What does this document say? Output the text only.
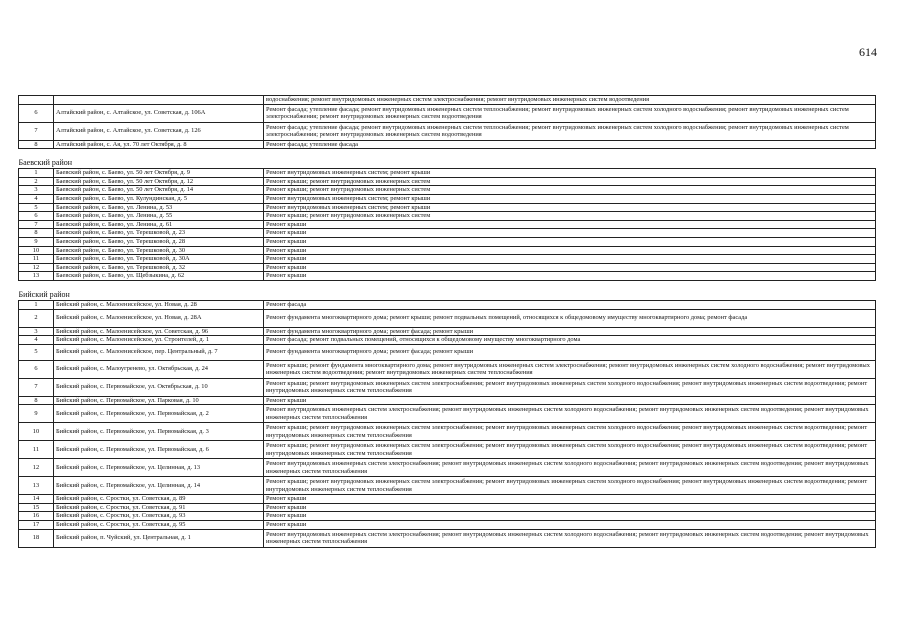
614
		водоснабжения; ремонт внутридомовых инженерных систем электроснабжения; ремонт внутридомовых инженерных систем водоотведения
6	Алтайский район, с. Алтайское, ул. Советская, д. 106А	Ремонт фасада; утепление фасада; ремонт внутридомовых инженерных систем теплоснабжения; ремонт внутридомовых инженерных систем холодного водоснабжения; ремонт внутридомовых инженерных систем электроснабжения; ремонт внутридомовых инженерных систем водоотведения
7	Алтайский район, с. Алтайское, ул. Советская, д. 126	Ремонт фасада; утепление фасада; ремонт внутридомовых инженерных систем теплоснабжения; ремонт внутридомовых инженерных систем холодного водоснабжения; ремонт внутридомовых инженерных систем электроснабжения; ремонт внутридомовых инженерных систем водоотведения
8	Алтайский район, с. Ая, ул. 70 лет Октября, д. 8	Ремонт фасада; утепление фасада
Баевский район		
1	Баевский район, с. Баево, ул. 50 лет Октября, д. 9	Ремонт внутридомовых инженерных систем; ремонт крыши
2	Баевский район, с. Баево, ул. 50 лет Октября, д. 12	Ремонт крыши; ремонт внутридомовых инженерных систем
3	Баевский район, с. Баево, ул. 50 лет Октября, д. 14	Ремонт крыши; ремонт внутридомовых инженерных систем
4	Баевский район, с. Баево, ул. Кулундинская, д. 5	Ремонт внутридомовых инженерных систем; ремонт крыши
5	Баевский район, с. Баево, ул. Ленина, д. 53	Ремонт внутридомовых инженерных систем; ремонт крыши
6	Баевский район, с. Баево, ул. Ленина, д. 55	Ремонт крыши; ремонт внутридомовых инженерных систем
7	Баевский район, с. Баево, ул. Ленина, д. 61	Ремонт крыши
8	Баевский район, с. Баево, ул. Терешковой, д. 23	Ремонт крыши
9	Баевский район, с. Баево, ул. Терешковой, д. 28	Ремонт крыши
10	Баевский район, с. Баево, ул. Терешковой, д. 30	Ремонт крыши
11	Баевский район, с. Баево, ул. Терешковой, д. 30А	Ремонт крыши
12	Баевский район, с. Баево, ул. Терешковой, д. 32	Ремонт крыши
13	Баевский район, с. Баево, ул. Щебзыкина, д. 62	Ремонт крыши
Бийский район		
1	Бийский район, с. Малоенисейское, ул. Новая, д. 28	Ремонт фасада
2	Бийский район, с. Малоенисейское, ул. Новая, д. 28А	Ремонт фундамента многоквартирного дома; ремонт крыши; ремонт подвальных помещений, относящихся к общедомовому имуществу многоквартирного дома; ремонт фасада
3	Бийский район, с. Малоенисейское, ул. Советская, д. 96	Ремонт фундамента многоквартирного дома; ремонт фасада; ремонт крыши
4	Бийский район, с. Малоенисейское, ул. Строителей, д. 1	Ремонт фасада; ремонт подвальных помещений, относящихся к общедомовому имуществу многоквартирного дома
5	Бийский район, с. Малоенисейское, пер. Центральный, д. 7	Ремонт фундамента многоквартирного дома; ремонт фасада; ремонт крыши
6	Бийский район, с. Малоугренево, ул. Октябрьская, д. 24	Ремонт крыши; ремонт фундамента многоквартирного дома; ремонт внутридомовых инженерных систем электроснабжения; ремонт внутридомовых инженерных систем холодного водоснабжения; ремонт внутридомовых инженерных систем водоотведения; ремонт внутридомовых инженерных систем теплоснабжения
7	Бийский район, с. Первомайское, ул. Октябрьская, д. 10	Ремонт крыши; ремонт внутридомовых инженерных систем электроснабжения; ремонт внутридомовых инженерных систем холодного водоснабжения; ремонт внутридомовых инженерных систем водоотведения; ремонт внутридомовых инженерных систем теплоснабжения
8	Бийский район, с. Первомайское, ул. Парковая, д. 10	Ремонт крыши
9	Бийский район, с. Первомайское, ул. Первомайская, д. 2	Ремонт внутридомовых инженерных систем электроснабжения; ремонт внутридомовых инженерных систем холодного водоснабжения; ремонт внутридомовых инженерных систем водоотведения; ремонт внутридомовых инженерных систем теплоснабжения
10	Бийский район, с. Первомайское, ул. Первомайская, д. 3	Ремонт крыши; ремонт внутридомовых инженерных систем электроснабжения; ремонт внутридомовых инженерных систем холодного водоснабжения; ремонт внутридомовых инженерных систем водоотведения; ремонт внутридомовых инженерных систем теплоснабжения
11	Бийский район, с. Первомайское, ул. Первомайская, д. 6	Ремонт крыши; ремонт внутридомовых инженерных систем электроснабжения; ремонт внутридомовых инженерных систем холодного водоснабжения; ремонт внутридомовых инженерных систем водоотведения; ремонт внутридомовых инженерных систем теплоснабжения
12	Бийский район, с. Первомайское, ул. Целинная, д. 13	Ремонт внутридомовых инженерных систем электроснабжения; ремонт внутридомовых инженерных систем холодного водоснабжения; ремонт внутридомовых инженерных систем водоотведения; ремонт внутридомовых инженерных систем теплоснабжения
13	Бийский район, с. Первомайское, ул. Целинная, д. 14	Ремонт крыши; ремонт внутридомовых инженерных систем электроснабжения; ремонт внутридомовых инженерных систем холодного водоснабжения; ремонт внутридомовых инженерных систем водоотведения; ремонт внутридомовых инженерных систем теплоснабжения
14	Бийский район, с. Сростки, ул. Советская, д. 89	Ремонт крыши
15	Бийский район, с. Сростки, ул. Советская, д. 91	Ремонт крыши
16	Бийский район, с. Сростки, ул. Советская, д. 93	Ремонт крыши
17	Бийский район, с. Сростки, ул. Советская, д. 95	Ремонт крыши
18	Бийский район, п. Чуйский, ул. Центральная, д. 1	Ремонт внутридомовых инженерных систем электроснабжения; ремонт внутридомовых инженерных систем холодного водоснабжения; ремонт внутридомовых инженерных систем водоотведения; ремонт внутридомовых инженерных систем теплоснабжения
